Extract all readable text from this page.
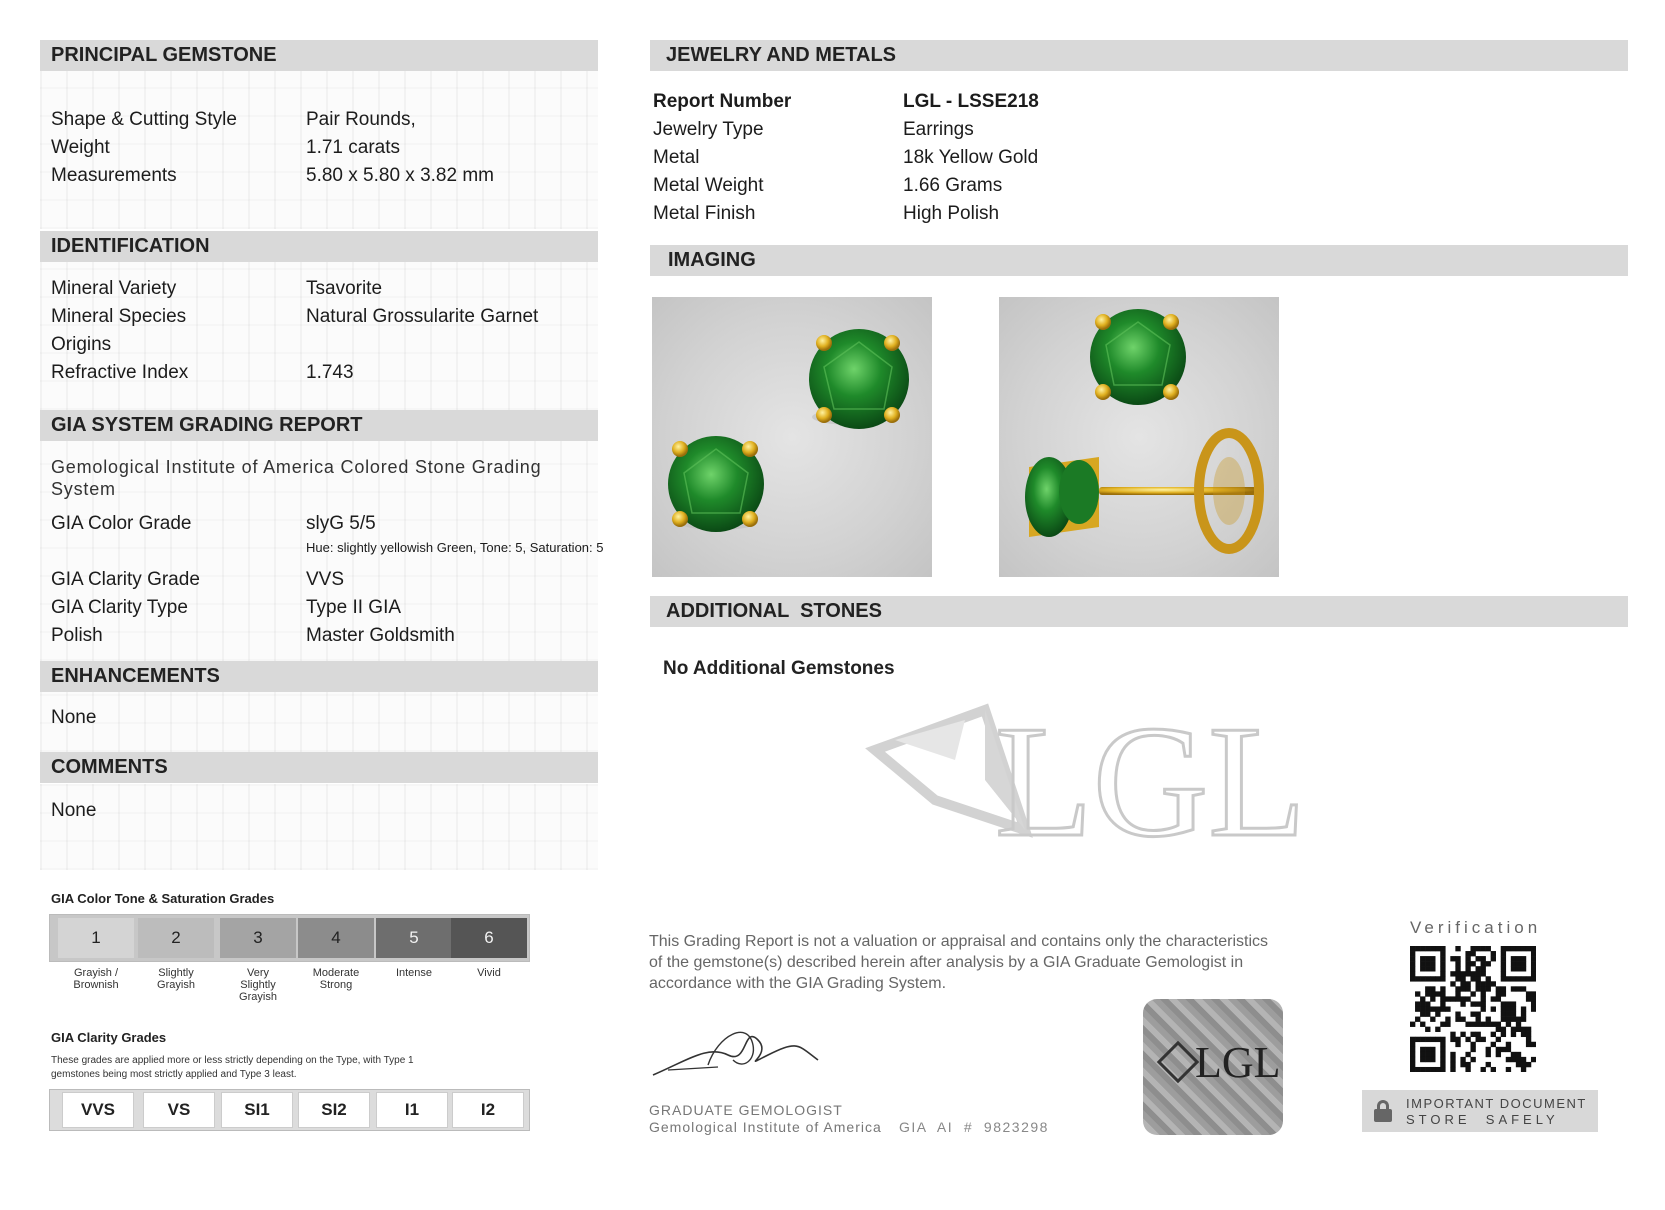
PRINCIPAL GEMSTONE
Shape & Cutting Style	Pair Rounds,
Weight	1.71 carats
Measurements	5.80 x 5.80 x 3.82 mm
IDENTIFICATION
Mineral Variety	Tsavorite
Mineral Species	Natural Grossularite Garnet
Origins
Refractive Index	1.743
GIA SYSTEM GRADING REPORT
Gemological Institute of America Colored Stone Grading
System
GIA Color Grade	slyG 5/5
Hue: slightly yellowish Green, Tone: 5, Saturation: 5
GIA Clarity Grade	VVS
GIA Clarity Type	Type II GIA
Polish	Master Goldsmith
ENHANCEMENTS
None
COMMENTS
None
GIA Color Tone & Saturation Grades
1
Grayish /
Brownish
2
Slightly
Grayish
3
Very
Slightly
Grayish
4
Moderate
Strong
5
Intense
6
Vivid
GIA Clarity Grades
These grades are applied more or less strictly depending on the Type, with Type 1
gemstones being most strictly applied and Type 3 least.
VVS	VS	SI1	SI2	I1	I2
JEWELRY AND METALS
Report Number	LGL - LSSE218
Jewelry Type	Earrings
Metal	18k Yellow Gold
Metal Weight	1.66 Grams
Metal Finish	High Polish
IMAGING
ADDITIONAL  STONES
No Additional Gemstones
LGL
This Grading Report is not a valuation or appraisal and contains only the characteristics
of the gemstone(s) described herein after analysis by a GIA Graduate Gemologist in
accordance with the GIA Grading System.
GRADUATE GEMOLOGIST
Gemological Institute of America GIA  AI  #  9823298
LGL
Verification
IMPORTANT DOCUMENT
STORE  SAFELY
